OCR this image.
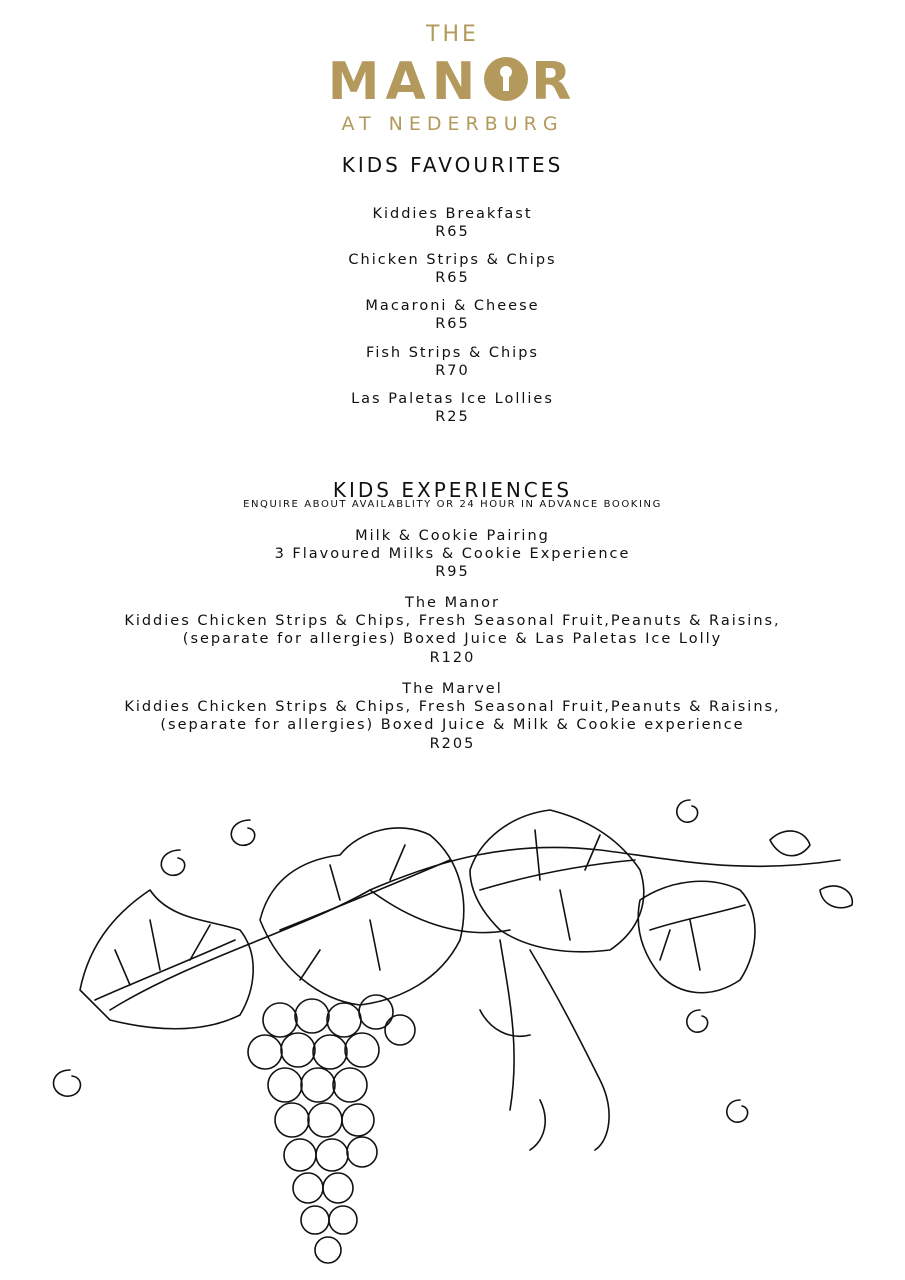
THE
MAN R
AT NEDERBURG
KIDS FAVOURITES
Kiddies Breakfast
R65
Chicken Strips & Chips
R65
Macaroni & Cheese
R65
Fish Strips & Chips
R70
Las Paletas Ice Lollies
R25
KIDS EXPERIENCES
ENQUIRE ABOUT AVAILABLITY OR 24 HOUR IN ADVANCE BOOKING
Milk & Cookie Pairing
3 Flavoured Milks & Cookie Experience
R95
The Manor
Kiddies Chicken Strips & Chips, Fresh Seasonal Fruit,Peanuts & Raisins,
(separate for allergies) Boxed Juice & Las Paletas Ice Lolly
R120
The Marvel
Kiddies Chicken Strips & Chips, Fresh Seasonal Fruit,Peanuts & Raisins,
(separate for allergies) Boxed Juice & Milk & Cookie experience
R205
